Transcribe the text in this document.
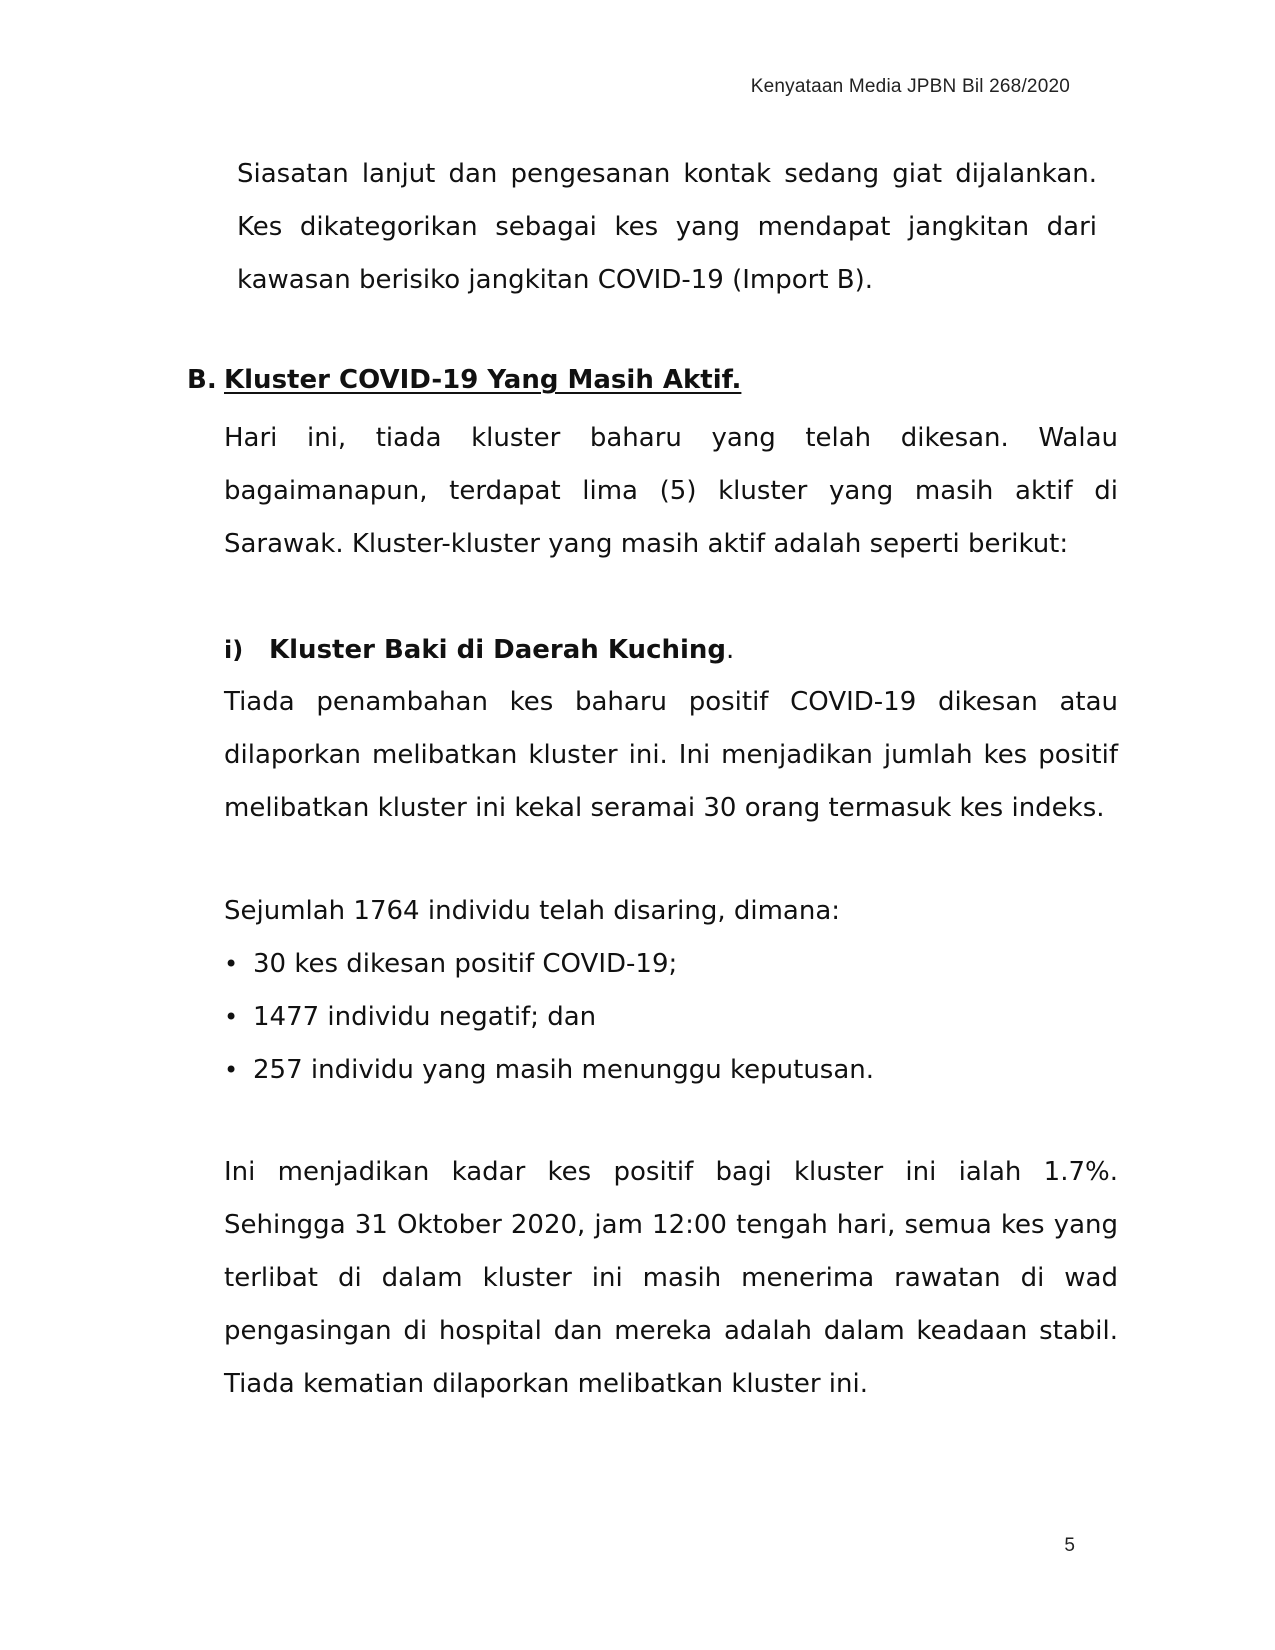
Kenyataan Media JPBN Bil 268/2020

Siasatan lanjut dan pengesanan kontak sedang giat dijalankan. Kes dikategorikan sebagai kes yang mendapat jangkitan dari kawasan berisiko jangkitan COVID-19 (Import B).

B. Kluster COVID-19 Yang Masih Aktif.

Hari ini, tiada kluster baharu yang telah dikesan. Walau bagaimanapun, terdapat lima (5) kluster yang masih aktif di Sarawak. Kluster-kluster yang masih aktif adalah seperti berikut:

i) Kluster Baki di Daerah Kuching.

Tiada penambahan kes baharu positif COVID-19 dikesan atau dilaporkan melibatkan kluster ini. Ini menjadikan jumlah kes positif melibatkan kluster ini kekal seramai 30 orang termasuk kes indeks.

Sejumlah 1764 individu telah disaring, dimana:

• 30 kes dikesan positif COVID-19;
• 1477 individu negatif; dan
• 257 individu yang masih menunggu keputusan.

Ini menjadikan kadar kes positif bagi kluster ini ialah 1.7%. Sehingga 31 Oktober 2020, jam 12:00 tengah hari, semua kes yang terlibat di dalam kluster ini masih menerima rawatan di wad pengasingan di hospital dan mereka adalah dalam keadaan stabil. Tiada kematian dilaporkan melibatkan kluster ini.

5
